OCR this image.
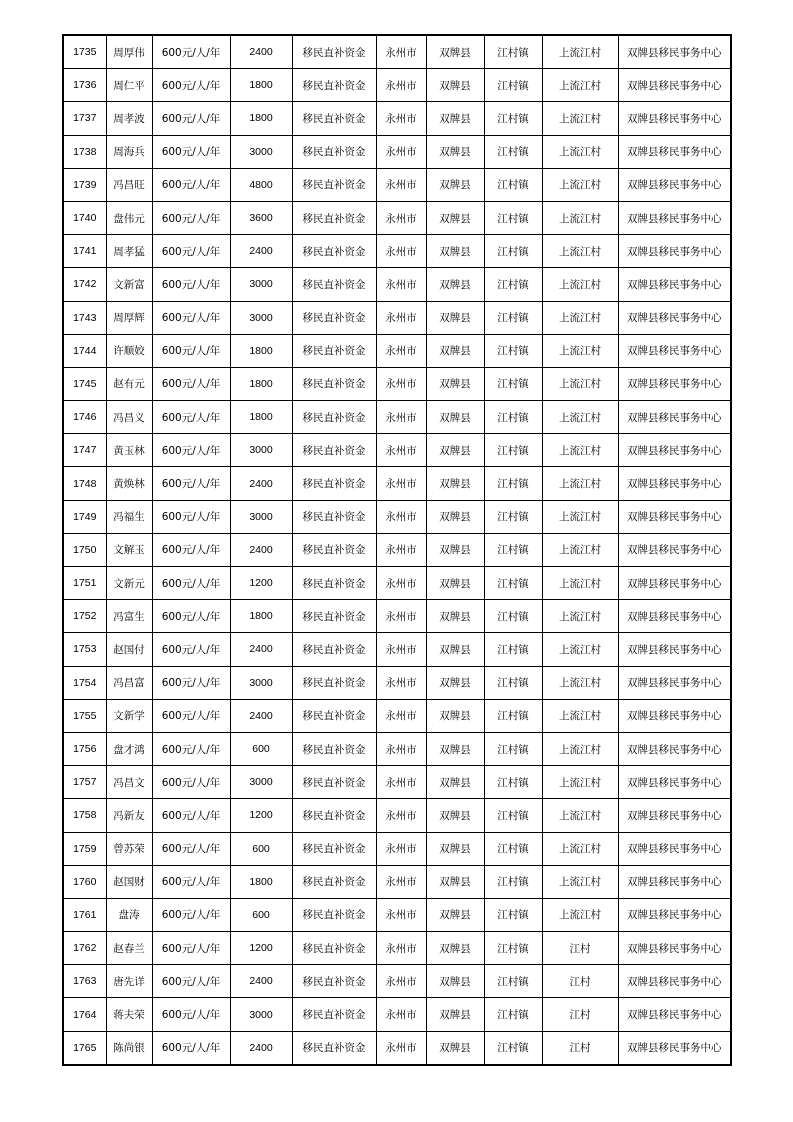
1735	周厚伟	600元/人/年	2400	移民直补资金	永州市	双牌县	江村镇	上流江村	双牌县移民事务中心
1736	周仁平	600元/人/年	1800	移民直补资金	永州市	双牌县	江村镇	上流江村	双牌县移民事务中心
1737	周孝波	600元/人/年	1800	移民直补资金	永州市	双牌县	江村镇	上流江村	双牌县移民事务中心
1738	周海兵	600元/人/年	3000	移民直补资金	永州市	双牌县	江村镇	上流江村	双牌县移民事务中心
1739	冯昌旺	600元/人/年	4800	移民直补资金	永州市	双牌县	江村镇	上流江村	双牌县移民事务中心
1740	盘伟元	600元/人/年	3600	移民直补资金	永州市	双牌县	江村镇	上流江村	双牌县移民事务中心
1741	周孝猛	600元/人/年	2400	移民直补资金	永州市	双牌县	江村镇	上流江村	双牌县移民事务中心
1742	文新富	600元/人/年	3000	移民直补资金	永州市	双牌县	江村镇	上流江村	双牌县移民事务中心
1743	周厚辉	600元/人/年	3000	移民直补资金	永州市	双牌县	江村镇	上流江村	双牌县移民事务中心
1744	许顺姣	600元/人/年	1800	移民直补资金	永州市	双牌县	江村镇	上流江村	双牌县移民事务中心
1745	赵有元	600元/人/年	1800	移民直补资金	永州市	双牌县	江村镇	上流江村	双牌县移民事务中心
1746	冯昌义	600元/人/年	1800	移民直补资金	永州市	双牌县	江村镇	上流江村	双牌县移民事务中心
1747	黄玉林	600元/人/年	3000	移民直补资金	永州市	双牌县	江村镇	上流江村	双牌县移民事务中心
1748	黄焕林	600元/人/年	2400	移民直补资金	永州市	双牌县	江村镇	上流江村	双牌县移民事务中心
1749	冯福生	600元/人/年	3000	移民直补资金	永州市	双牌县	江村镇	上流江村	双牌县移民事务中心
1750	文解玉	600元/人/年	2400	移民直补资金	永州市	双牌县	江村镇	上流江村	双牌县移民事务中心
1751	文新元	600元/人/年	1200	移民直补资金	永州市	双牌县	江村镇	上流江村	双牌县移民事务中心
1752	冯富生	600元/人/年	1800	移民直补资金	永州市	双牌县	江村镇	上流江村	双牌县移民事务中心
1753	赵国付	600元/人/年	2400	移民直补资金	永州市	双牌县	江村镇	上流江村	双牌县移民事务中心
1754	冯昌富	600元/人/年	3000	移民直补资金	永州市	双牌县	江村镇	上流江村	双牌县移民事务中心
1755	文新学	600元/人/年	2400	移民直补资金	永州市	双牌县	江村镇	上流江村	双牌县移民事务中心
1756	盘才鸿	600元/人/年	600	移民直补资金	永州市	双牌县	江村镇	上流江村	双牌县移民事务中心
1757	冯昌文	600元/人/年	3000	移民直补资金	永州市	双牌县	江村镇	上流江村	双牌县移民事务中心
1758	冯新友	600元/人/年	1200	移民直补资金	永州市	双牌县	江村镇	上流江村	双牌县移民事务中心
1759	曾苏荣	600元/人/年	600	移民直补资金	永州市	双牌县	江村镇	上流江村	双牌县移民事务中心
1760	赵国财	600元/人/年	1800	移民直补资金	永州市	双牌县	江村镇	上流江村	双牌县移民事务中心
1761	盘涛	600元/人/年	600	移民直补资金	永州市	双牌县	江村镇	上流江村	双牌县移民事务中心
1762	赵春兰	600元/人/年	1200	移民直补资金	永州市	双牌县	江村镇	江村	双牌县移民事务中心
1763	唐先详	600元/人/年	2400	移民直补资金	永州市	双牌县	江村镇	江村	双牌县移民事务中心
1764	蒋夫荣	600元/人/年	3000	移民直补资金	永州市	双牌县	江村镇	江村	双牌县移民事务中心
1765	陈尚银	600元/人/年	2400	移民直补资金	永州市	双牌县	江村镇	江村	双牌县移民事务中心
